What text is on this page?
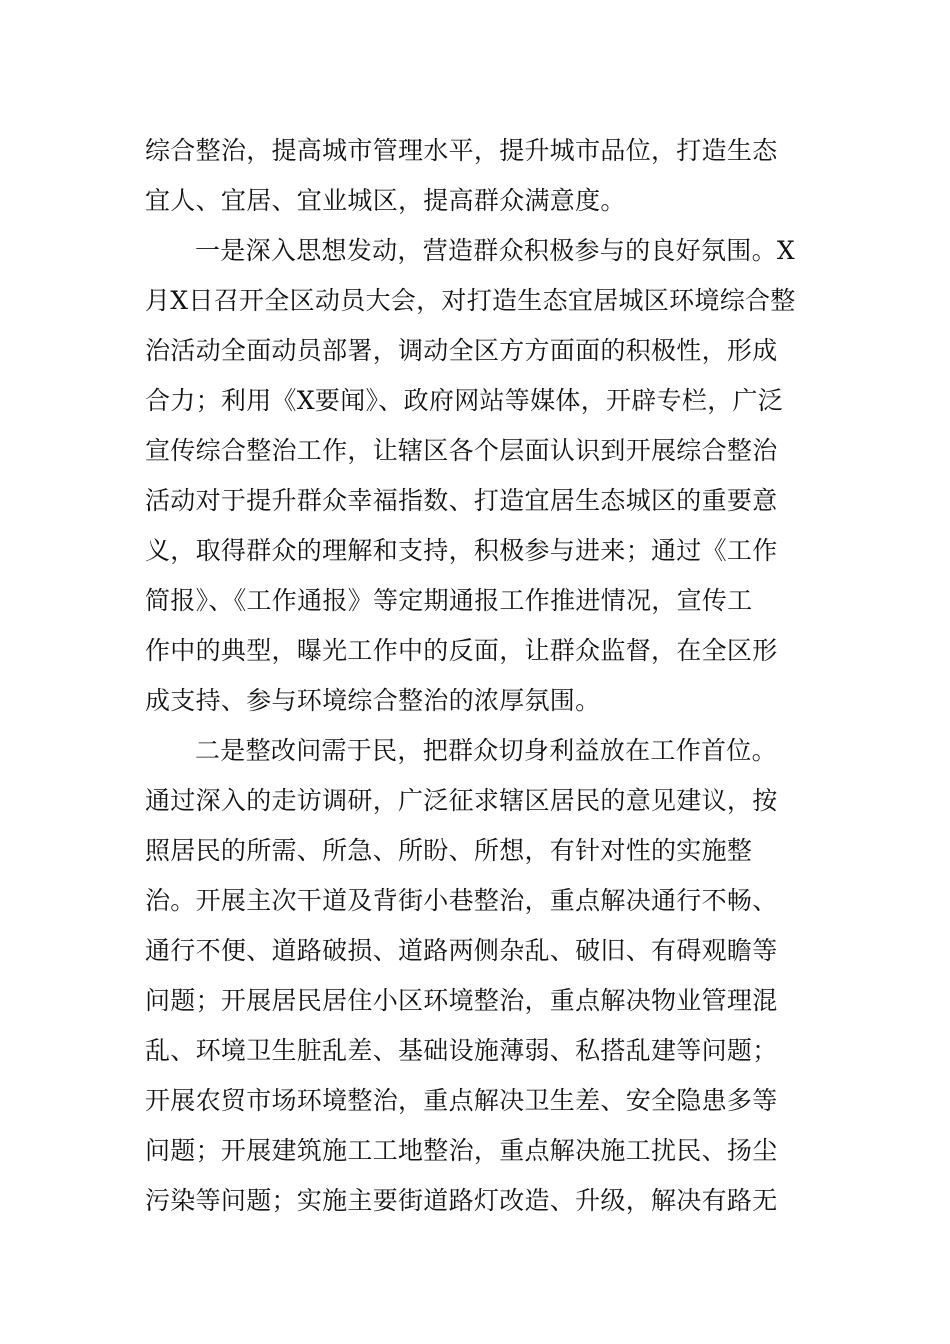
综合整治，提高城市管理水平，提升城市品位，打造生态
宜人、宜居、宜业城区，提高群众满意度。
一是深入思想发动，营造群众积极参与的良好氛围。X
月X日召开全区动员大会，对打造生态宜居城区环境综合整
治活动全面动员部署，调动全区方方面面的积极性，形成
合力；利用《X要闻》、政府网站等媒体，开辟专栏，广泛
宣传综合整治工作，让辖区各个层面认识到开展综合整治
活动对于提升群众幸福指数、打造宜居生态城区的重要意
义，取得群众的理解和支持，积极参与进来；通过《工作
简报》、《工作通报》等定期通报工作推进情况，宣传工
作中的典型，曝光工作中的反面，让群众监督，在全区形
成支持、参与环境综合整治的浓厚氛围。
二是整改问需于民，把群众切身利益放在工作首位。
通过深入的走访调研，广泛征求辖区居民的意见建议，按
照居民的所需、所急、所盼、所想，有针对性的实施整
治。开展主次干道及背街小巷整治，重点解决通行不畅、
通行不便、道路破损、道路两侧杂乱、破旧、有碍观瞻等
问题；开展居民居住小区环境整治，重点解决物业管理混
乱、环境卫生脏乱差、基础设施薄弱、私搭乱建等问题；
开展农贸市场环境整治，重点解决卫生差、安全隐患多等
问题；开展建筑施工工地整治，重点解决施工扰民、扬尘
污染等问题；实施主要街道路灯改造、升级，解决有路无
